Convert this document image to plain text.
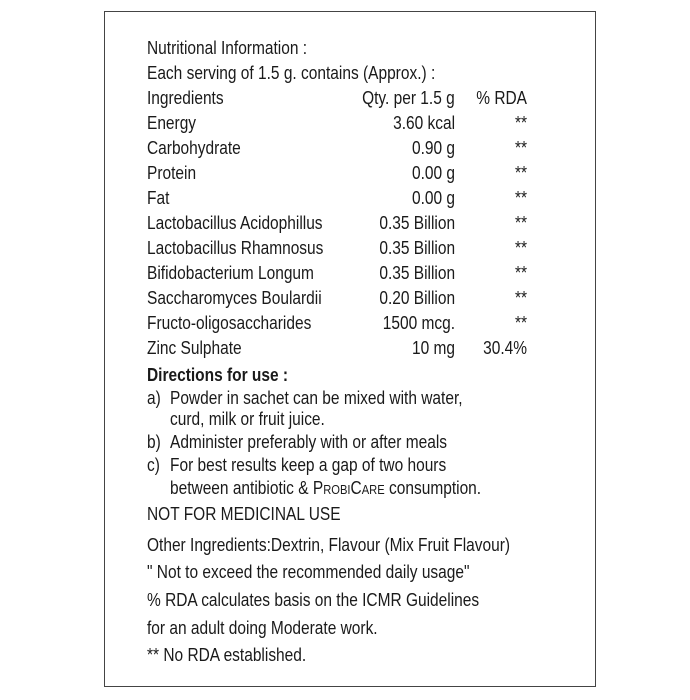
Nutritional Information :
Each serving of 1.5 g. contains (Approx.) :
Ingredients	Qty. per 1.5 g % RDA
Energy	3.60 kcal	**
Carbohydrate	0.90 g	**
Protein	0.00 g	**
Fat	0.00 g	**
Lactobacillus Acidophillus	0.35 Billion	**
Lactobacillus Rhamnosus	0.35 Billion	**
Bifidobacterium Longum	0.35 Billion	**
Saccharomyces Boulardii	0.20 Billion	**
Fructo-oligosaccharides	1500 mcg.	**
Zinc Sulphate	10 mg 30.4%
Directions for use :
a) Powder in sachet can be mixed with water,
curd, milk or fruit juice.
b) Administer preferably with or after meals
c) For best results keep a gap of two hours
between antibiotic & ProbiCare consumption.
NOT FOR MEDICINAL USE
Other Ingredients:Dextrin, Flavour (Mix Fruit Flavour)
" Not to exceed the recommended daily usage"
% RDA calculates basis on the ICMR Guidelines
for an adult doing Moderate work.
** No RDA established.
